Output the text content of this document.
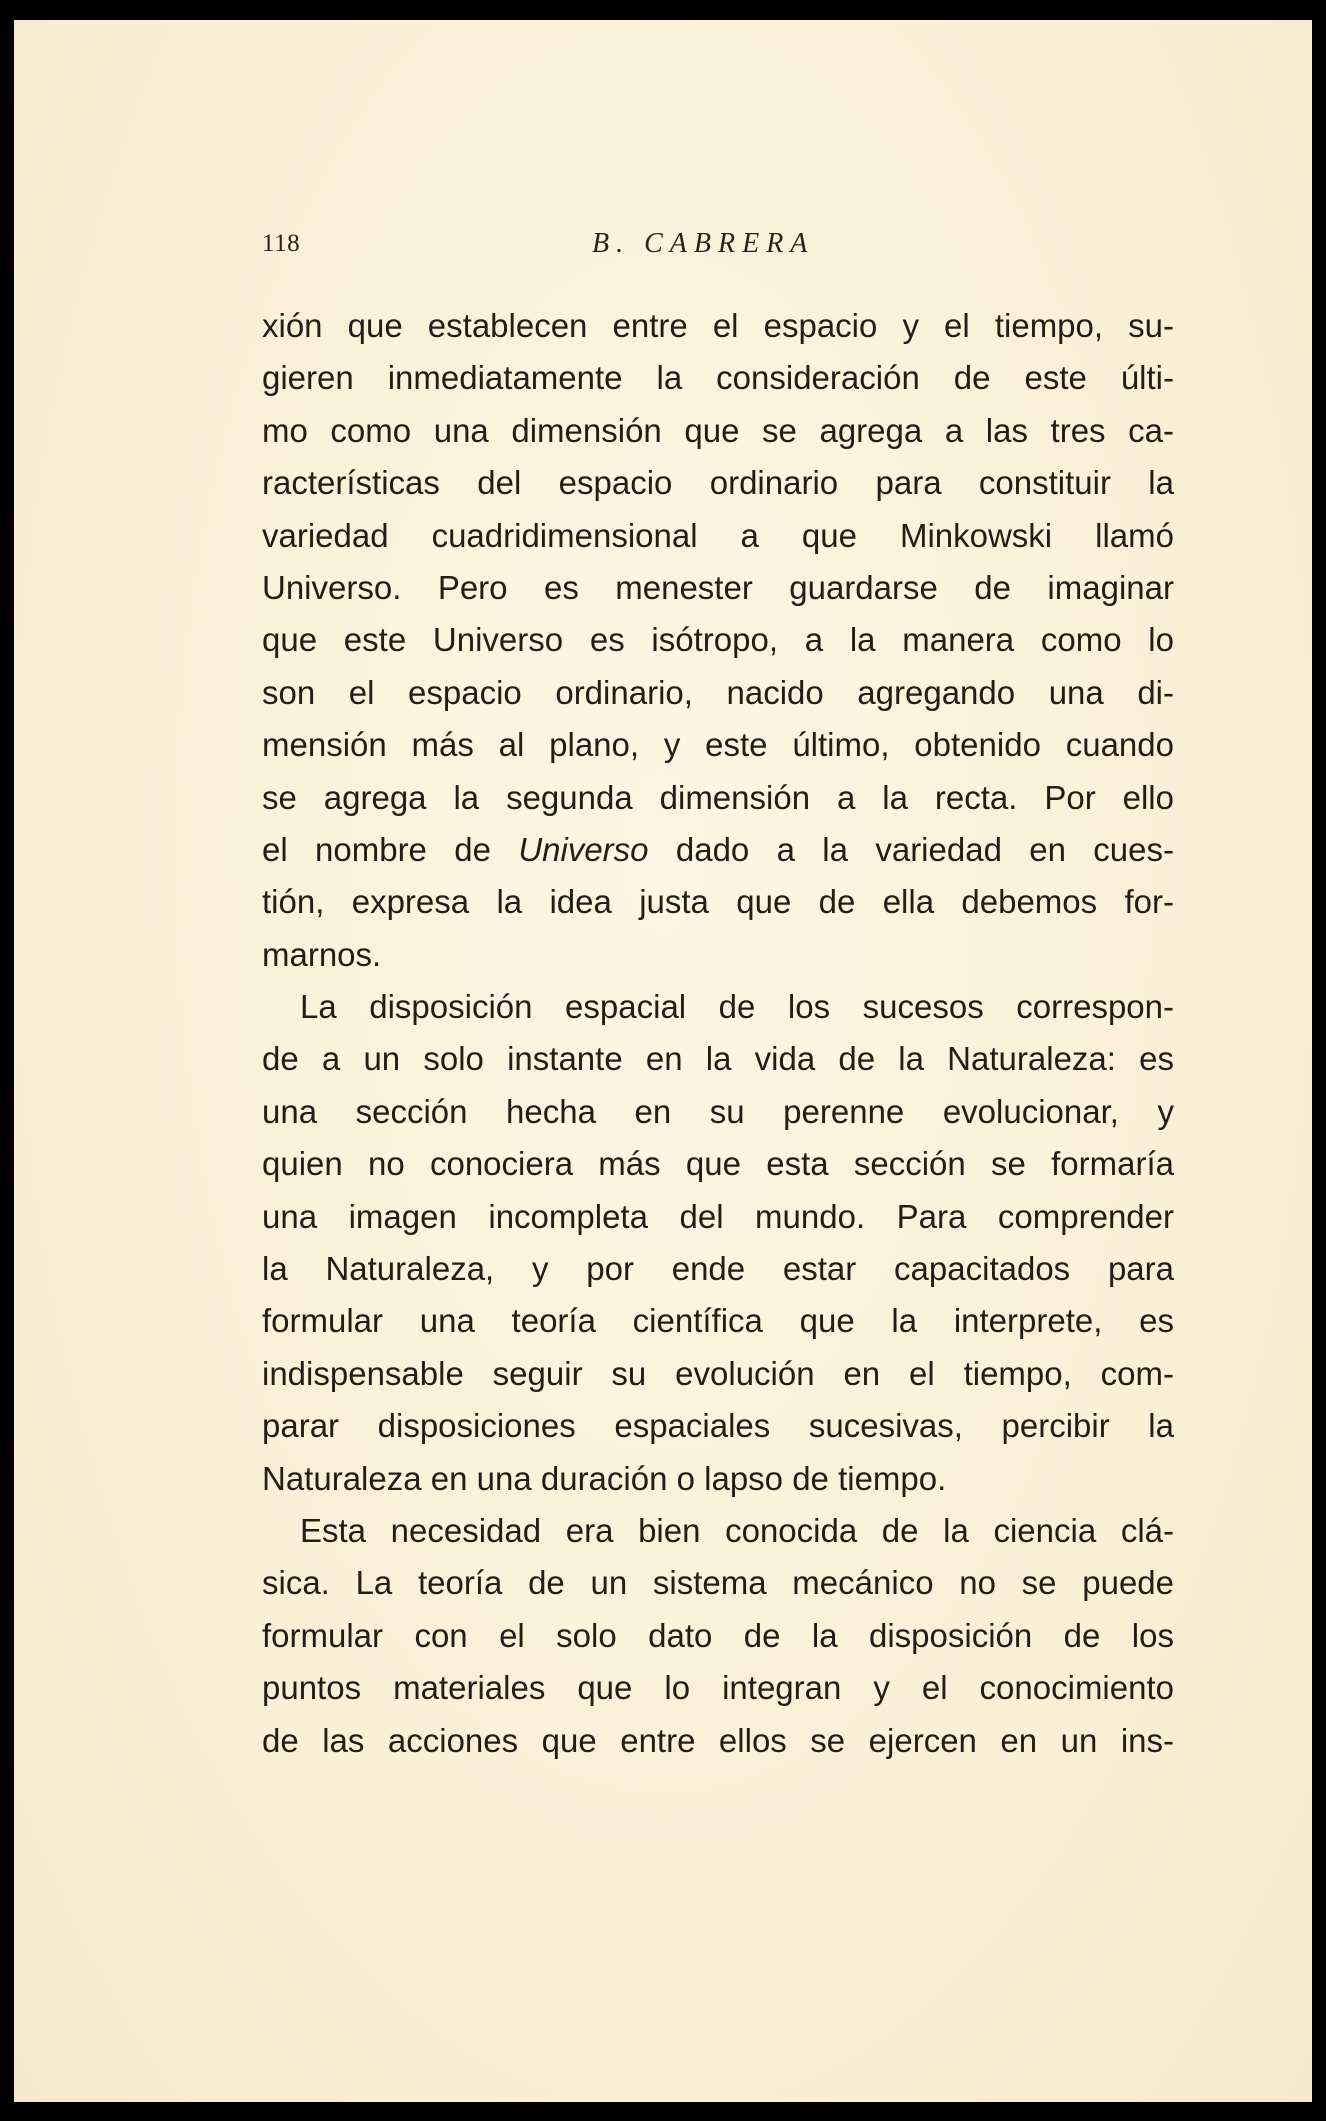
118	B. CABRERA

xión que establecen entre el espacio y el tiempo, su-
gieren inmediatamente la consideración de este últi-
mo como una dimensión que se agrega a las tres ca-
racterísticas del espacio ordinario para constituir la
variedad cuadridimensional a que Minkowski llamó
Universo. Pero es menester guardarse de imaginar
que este Universo es isótropo, a la manera como lo
son el espacio ordinario, nacido agregando una di-
mensión más al plano, y este último, obtenido cuando
se agrega la segunda dimensión a la recta. Por ello
el nombre de Universo dado a la variedad en cues-
tión, expresa la idea justa que de ella debemos for-
marnos.

La disposición espacial de los sucesos correspon-
de a un solo instante en la vida de la Naturaleza: es
una sección hecha en su perenne evolucionar, y
quien no conociera más que esta sección se formaría
una imagen incompleta del mundo. Para comprender
la Naturaleza, y por ende estar capacitados para
formular una teoría científica que la interprete, es
indispensable seguir su evolución en el tiempo, com-
parar disposiciones espaciales sucesivas, percibir la
Naturaleza en una duración o lapso de tiempo.

Esta necesidad era bien conocida de la ciencia clá-
sica. La teoría de un sistema mecánico no se puede
formular con el solo dato de la disposición de los
puntos materiales que lo integran y el conocimiento
de las acciones que entre ellos se ejercen en un ins-
